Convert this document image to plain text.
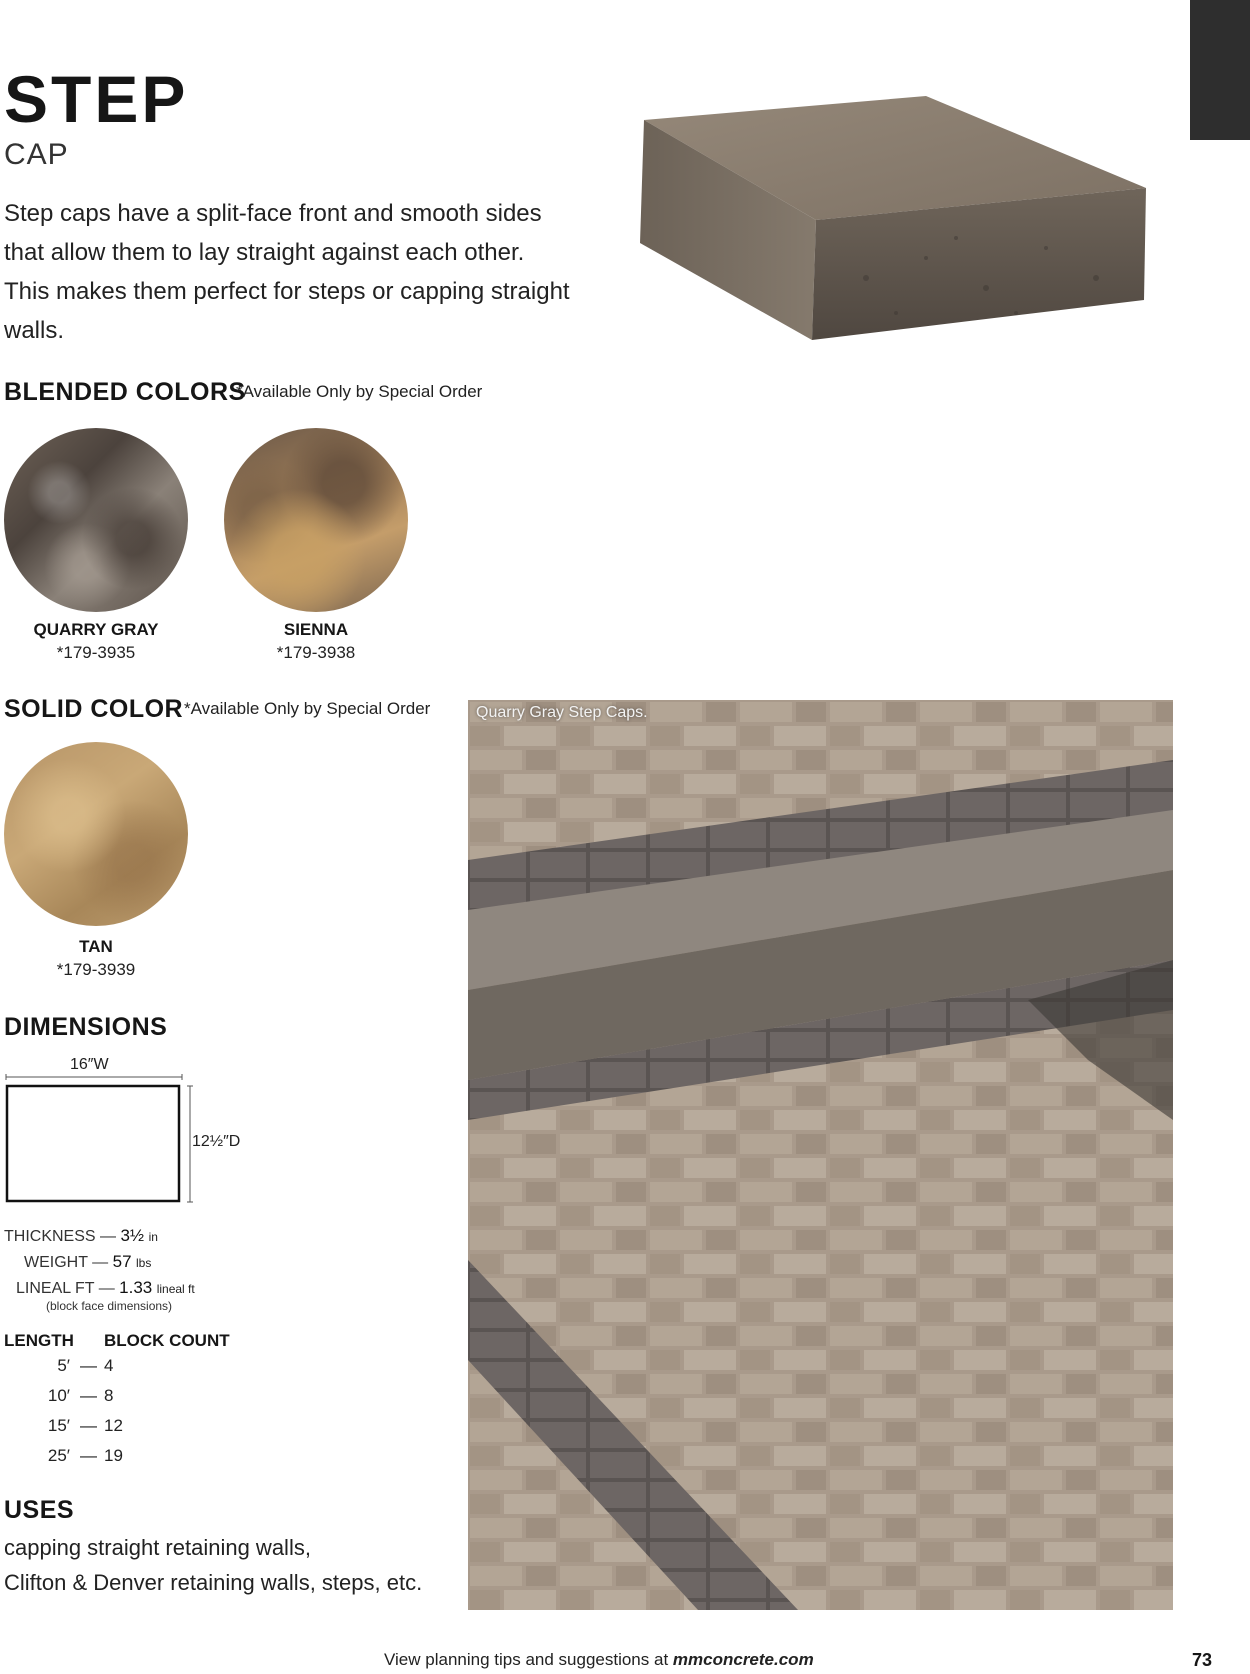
STEP
CAP
Step caps have a split-face front and smooth sides that allow them to lay straight against each other. This makes them perfect for steps or capping straight walls.
BLENDED COLORS
*Available Only by Special Order
QUARRY GRAY
*179-3935
SIENNA
*179-3938
SOLID COLOR *Available Only by Special Order
TAN
*179-3939
DIMENSIONS
16″W
12½″D
THICKNESS — 3½ in
WEIGHT — 57 lbs
LINEAL FT — 1.33 lineal ft
(block face dimensions)
LENGTH BLOCK COUNT
5′ — 4
10′ — 8
15′ — 12
25′ — 19
USES
capping straight retaining walls,
Clifton & Denver retaining walls, steps, etc.
Quarry Gray Step Caps.
View planning tips and suggestions at mmconcrete.com	73
